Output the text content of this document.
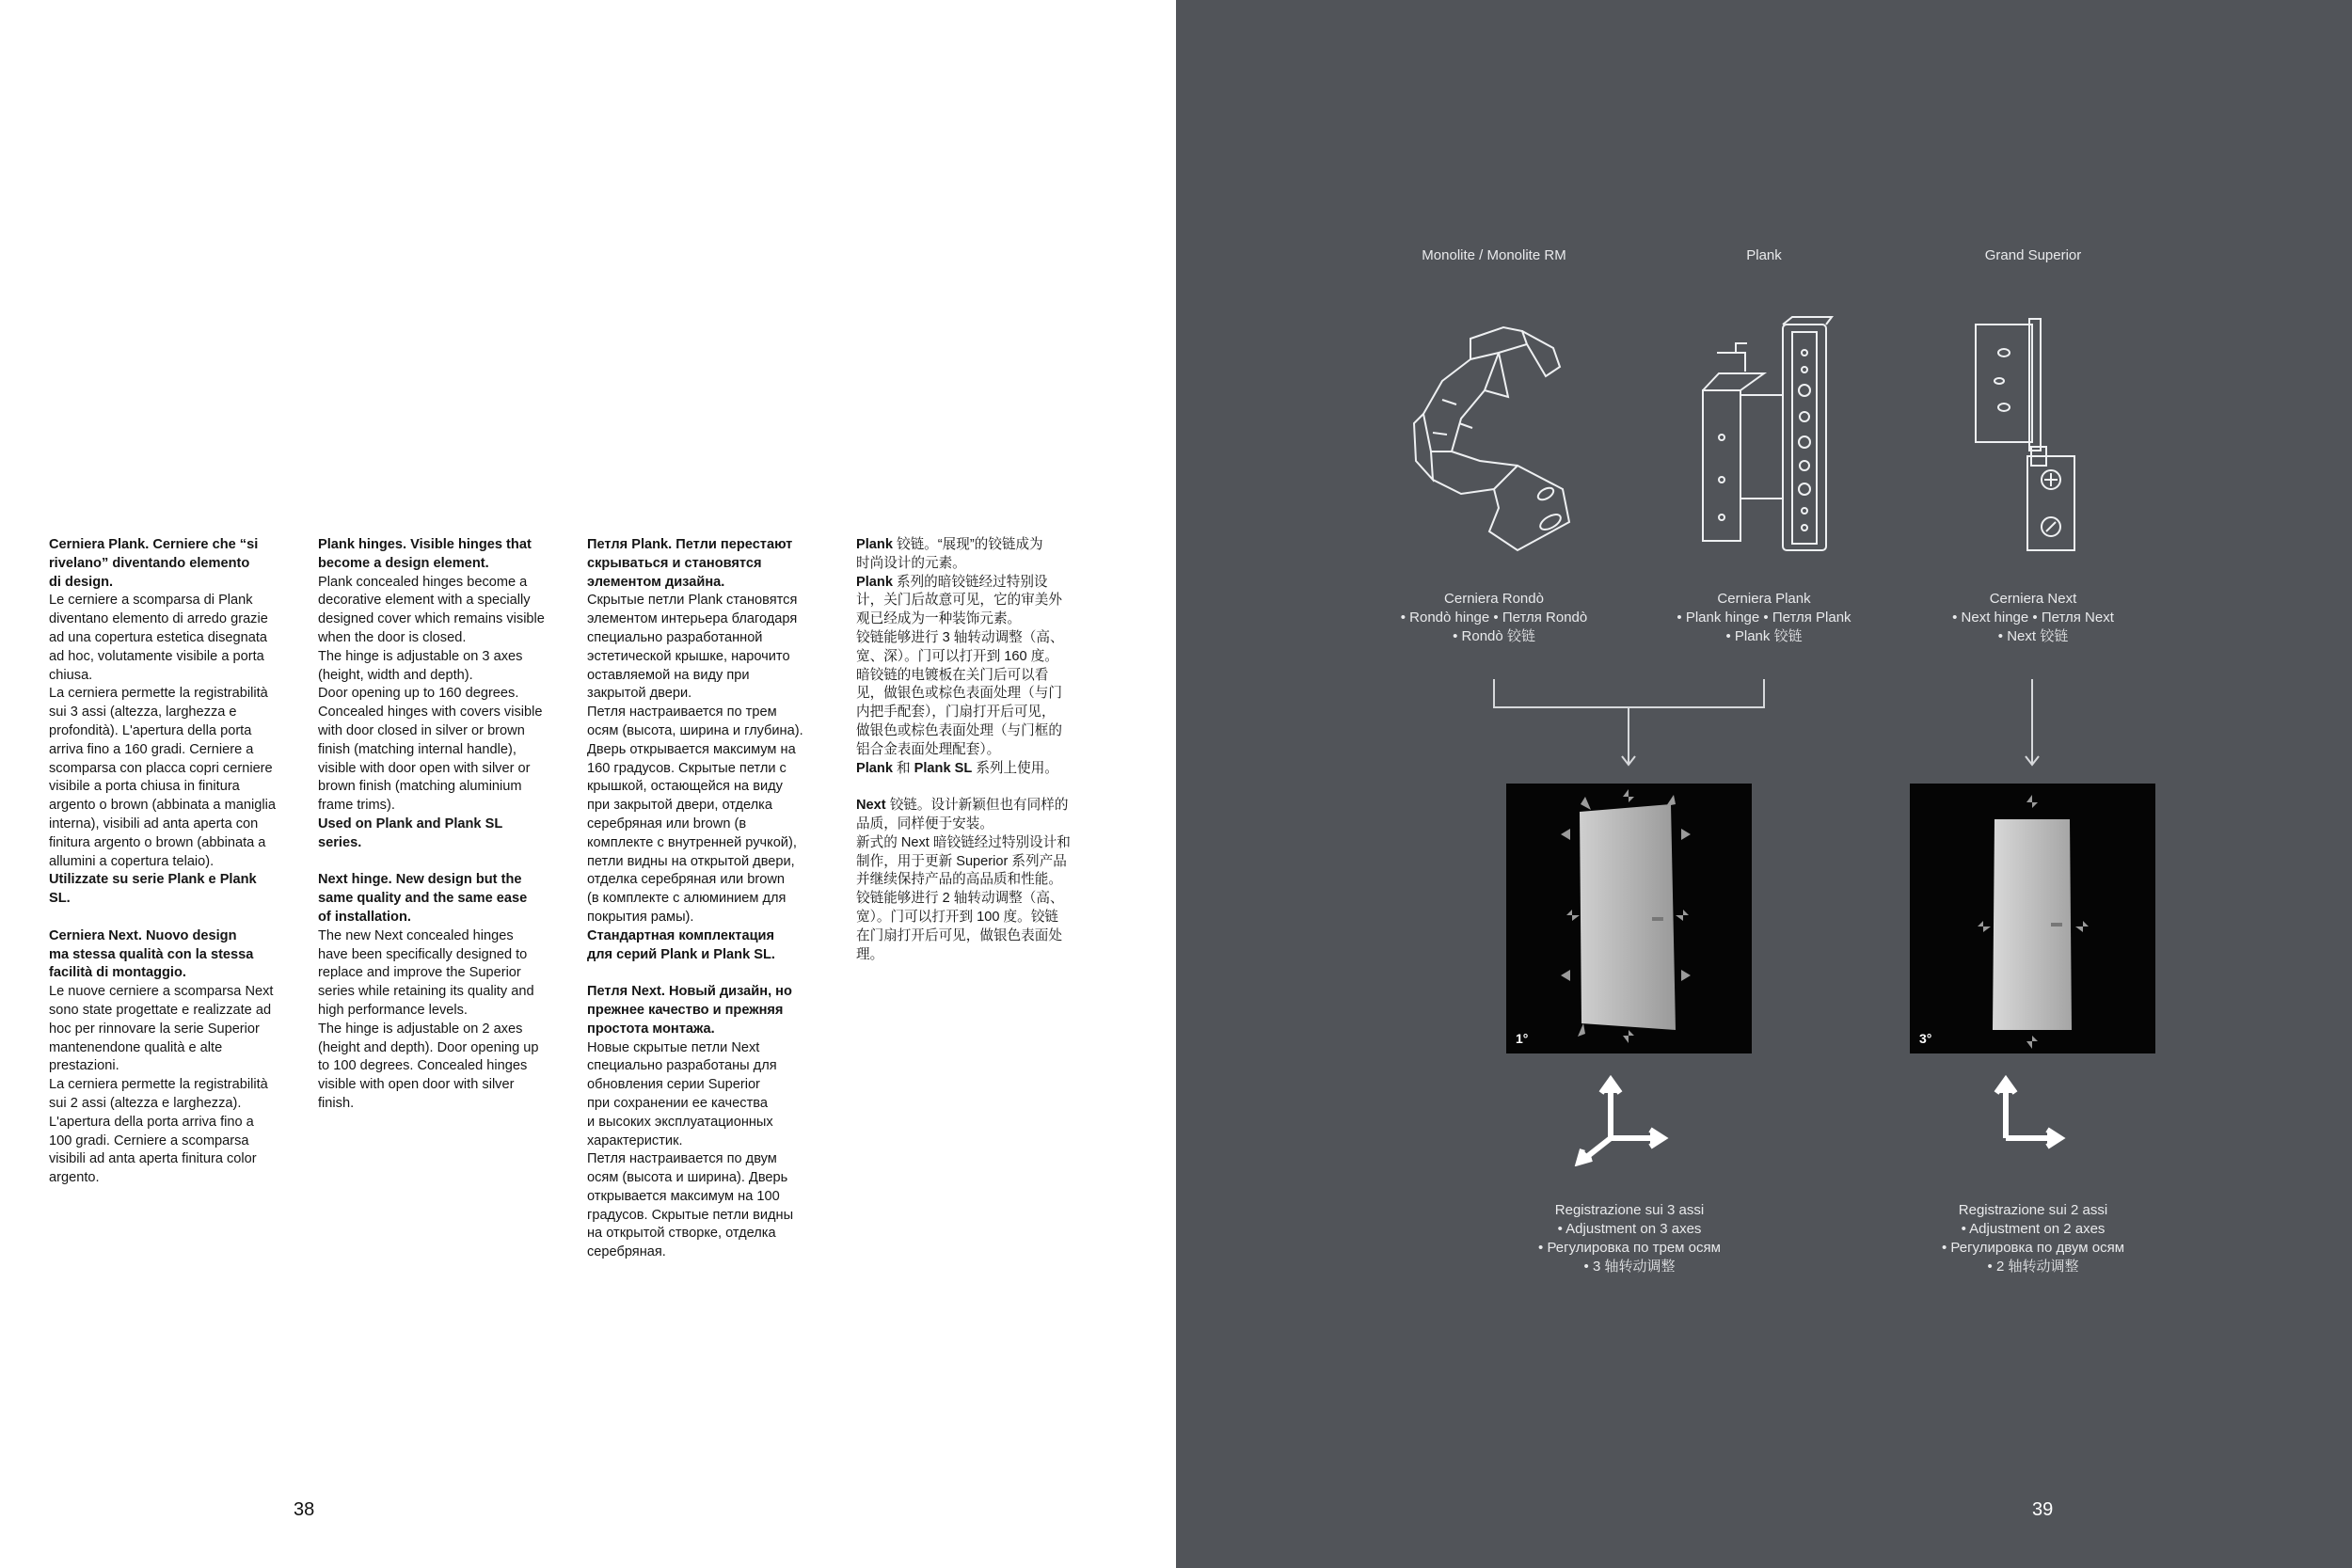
Cerniera Plank. Cerniere che “si
rivelano” diventando elemento
di design.

Le cerniere a scomparsa di Plank
diventano elemento di arredo grazie
ad una copertura estetica disegnata
ad hoc, volutamente visibile a porta
chiusa.
La cerniera permette la registrabilità
sui 3 assi (altezza, larghezza e
profondità). L'apertura della porta
arriva fino a 160 gradi. Cerniere a
scomparsa con placca copri cerniere
visibile a porta chiusa in finitura
argento o brown (abbinata a maniglia
interna), visibili ad anta aperta con
finitura argento o brown (abbinata a
allumini a copertura telaio).

Utilizzate su serie Plank e Plank
SL.

Cerniera Next. Nuovo design
ma stessa qualità con la stessa
facilità di montaggio.

Le nuove cerniere a scomparsa Next
sono state progettate e realizzate ad
hoc per rinnovare la serie Superior
mantenendone qualità e alte
prestazioni.
La cerniera permette la registrabilità
sui 2 assi (altezza e larghezza).
L'apertura della porta arriva fino a
100 gradi. Cerniere a scomparsa
visibili ad anta aperta finitura color
argento.

Plank hinges. Visible hinges that
become a design element.

Plank concealed hinges become a
decorative element with a specially
designed cover which remains visible
when the door is closed.
The hinge is adjustable on 3 axes
(height, width and depth).
Door opening up to 160 degrees.
Concealed hinges with covers visible
with door closed in silver or brown
finish (matching internal handle),
visible with door open with silver or
brown finish (matching aluminium
frame trims).

Used on Plank and Plank SL
series.

Next hinge. New design but the
same quality and the same ease
of installation.

The new Next concealed hinges
have been specifically designed to
replace and improve the Superior
series while retaining its quality and
high performance levels.
The hinge is adjustable on 2 axes
(height and depth). Door opening up
to 100 degrees. Concealed hinges
visible with open door with silver
finish.

Петля Plank. Петли перестают
скрываться и становятся
элементом дизайна.

Скрытые петли Plank становятся
элементом интерьера благодаря
специально разработанной
эстетической крышке, нарочито
оставляемой на виду при
закрытой двери.
Петля настраивается по трем
осям (высота, ширина и глубина).
Дверь открывается максимум на
160 градусов. Скрытые петли с
крышкой, остающейся на виду
при закрытой двери, отделка
серебряная или brown (в
комплекте с внутренней ручкой),
петли видны на открытой двери,
отделка серебряная или brown
(в комплекте с алюминием для
покрытия рамы).

Стандартная комплектация
для серий Plank и Plank SL.

Петля Next. Новый дизайн, но
прежнее качество и прежняя
простота монтажа.

Новые скрытые петли Next
специально разработаны для
обновления серии Superior
при сохранении ее качества
и высоких эксплуатационных
характеристик.
Петля настраивается по двум
осям (высота и ширина). Дверь
открывается максимум на 100
градусов. Скрытые петли видны
на открытой створке, отделка
серебряная.

Plank 铰链。“展现”的铰链成为
时尚设计的元素。
Plank 系列的暗铰链经过特别设
计，关门后故意可见，它的审美外
观已经成为一种装饰元素。
铰链能够进行 3 轴转动调整（高、
宽、深）。门可以打开到 160 度。
暗铰链的电镀板在关门后可以看
见，做银色或棕色表面处理（与门
内把手配套），门扇打开后可见，
做银色或棕色表面处理（与门框的
铝合金表面处理配套）。
Plank 和 Plank SL 系列上使用。

Next 铰链。设计新颖但也有同样的
品质，同样便于安装。
新式的 Next 暗铰链经过特别设计和
制作，用于更新 Superior 系列产品
并继续保持产品的高品质和性能。
铰链能够进行 2 轴转动调整（高、
宽）。门可以打开到 100 度。铰链
在门扇打开后可见，做银色表面处
理。

38
Monolite / Monolite RM	Plank	Grand Superior

Cerniera Rondò

• Rondò hinge • Петля Rondò

• Rondò 铰链

Cerniera Plank

• Plank hinge • Петля Plank

• Plank 铰链

Cerniera Next

• Next hinge • Петля Next

• Next 铰链

1°	3°

Registrazione sui 3 assi

• Adjustment on 3 axes

• Регулировка по трем осям

• 3 轴转动调整

Registrazione sui 2 assi

• Adjustment on 2 axes

• Регулировка по двум осям

• 2 轴转动调整

39
